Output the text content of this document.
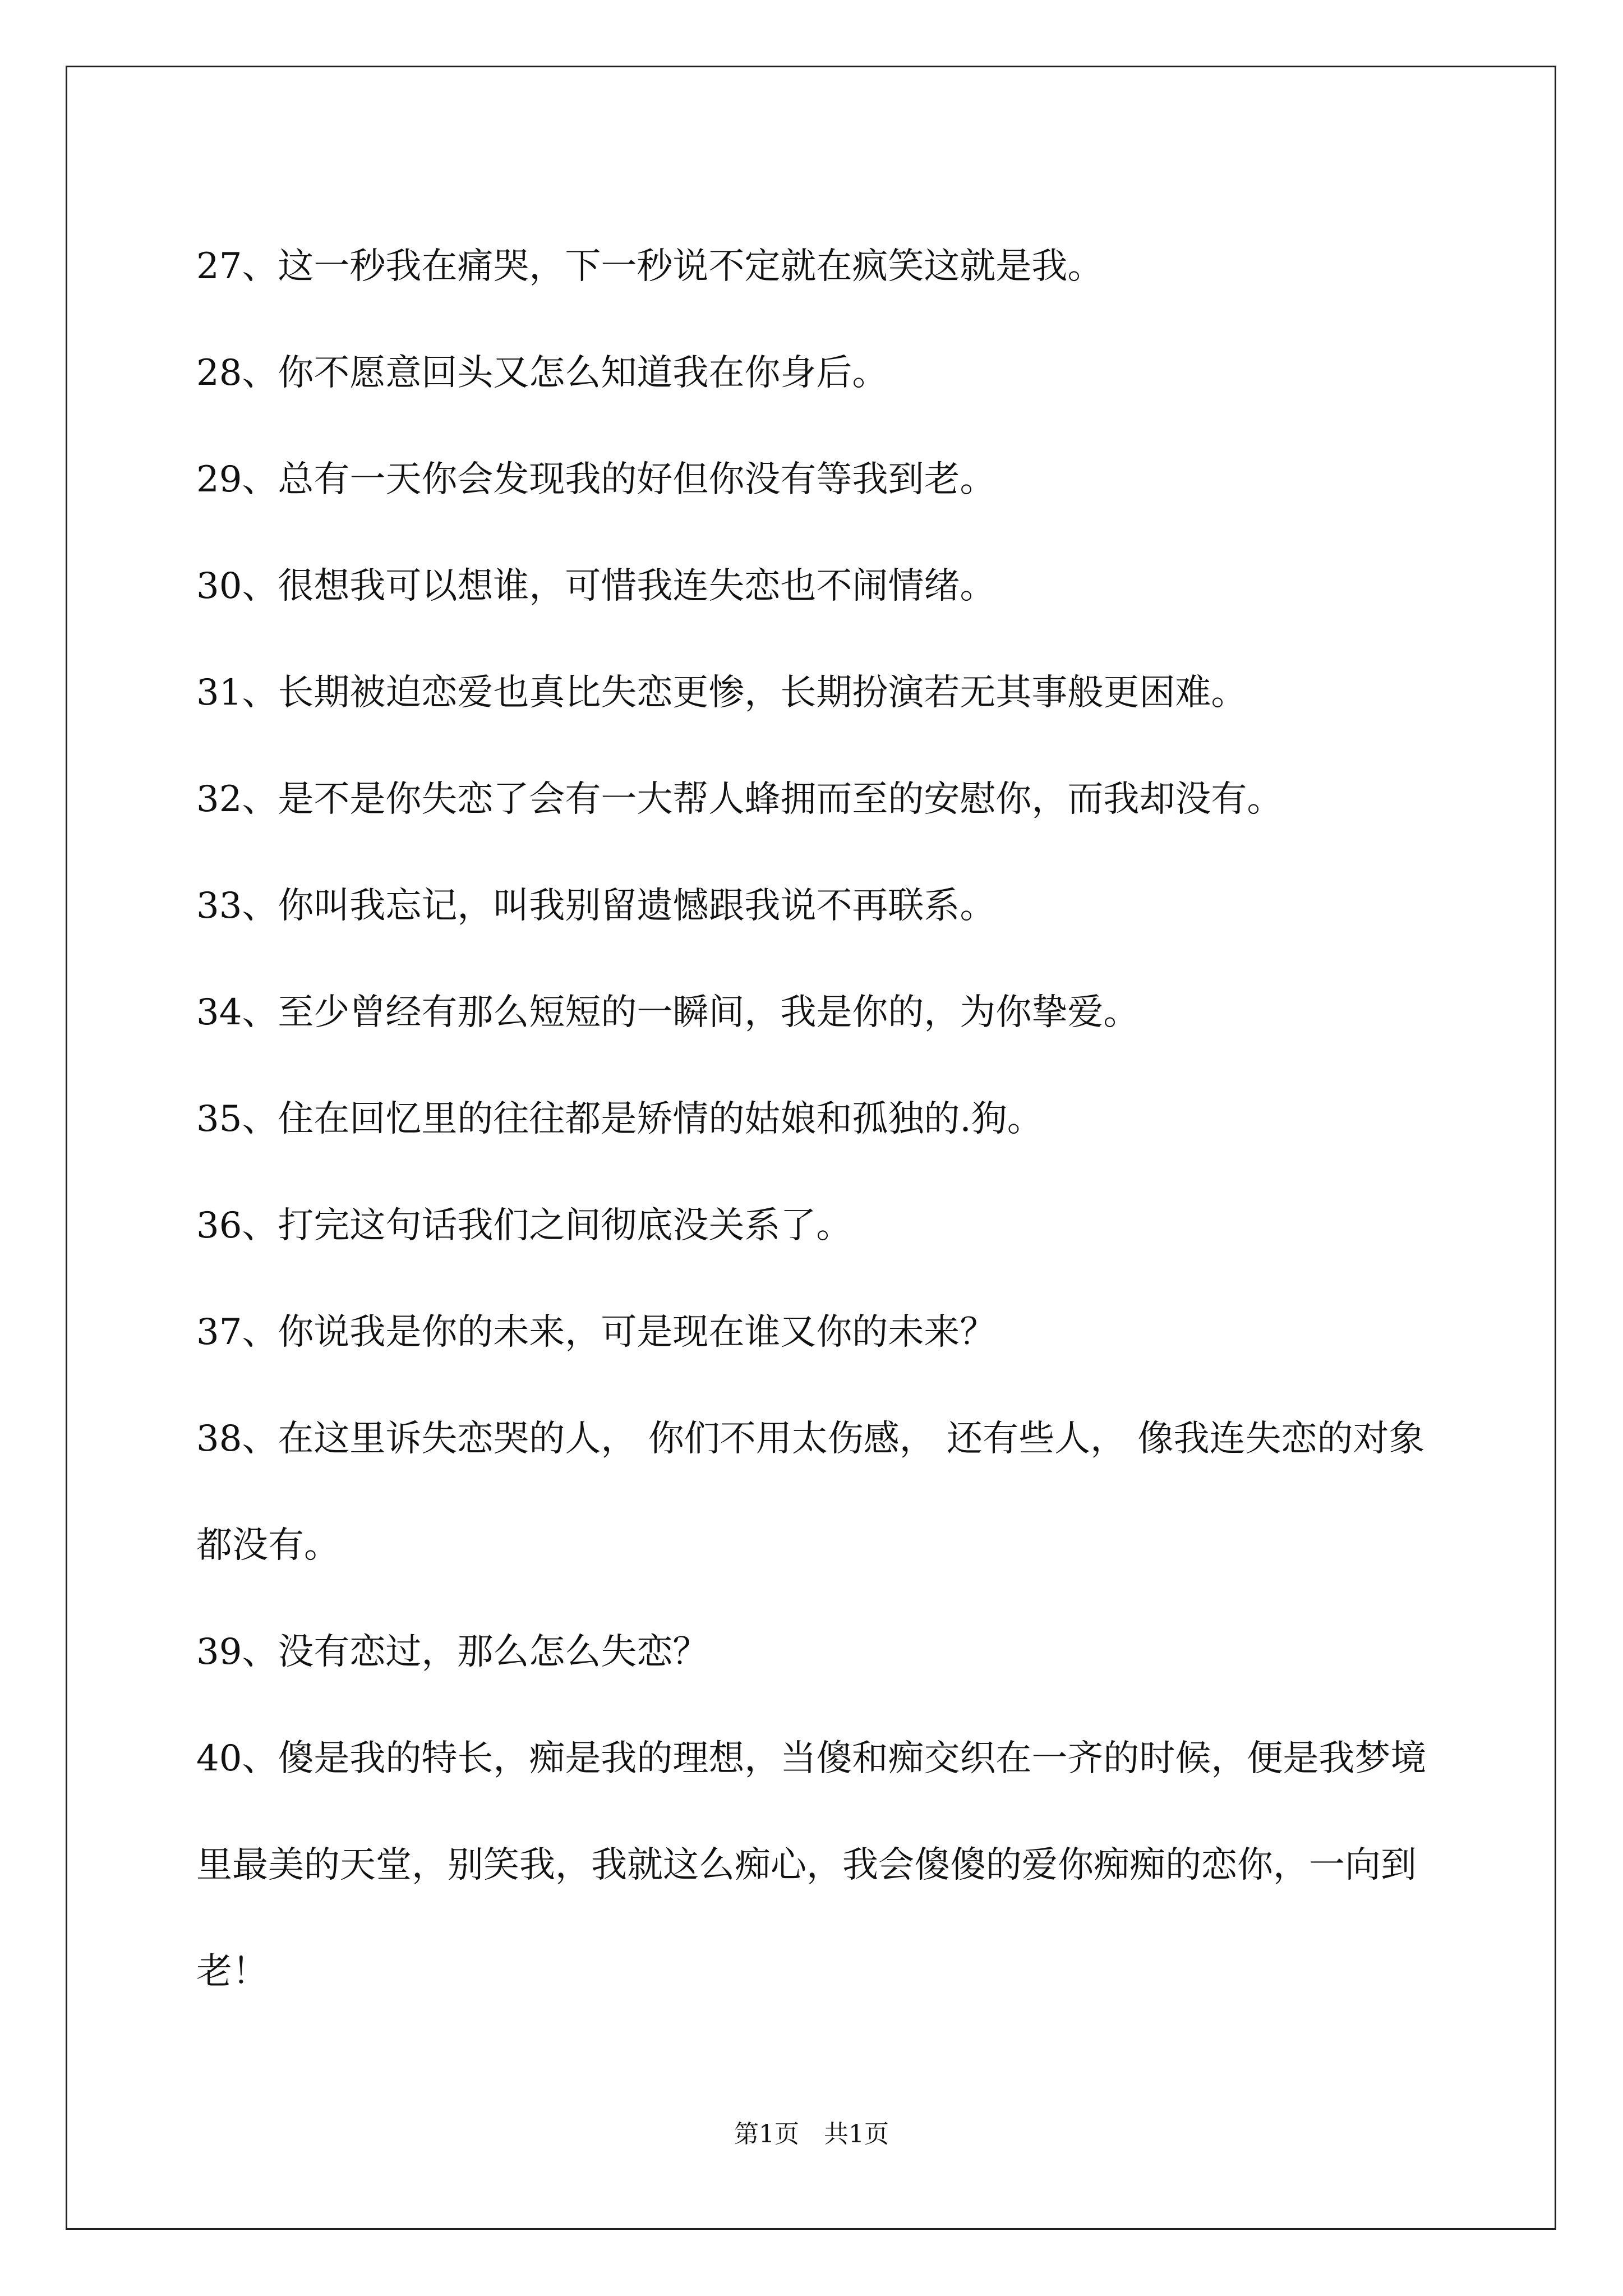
27、这一秒我在痛哭，下一秒说不定就在疯笑这就是我。

28、你不愿意回头又怎么知道我在你身后。

29、总有一天你会发现我的好但你没有等我到老。

30、很想我可以想谁，可惜我连失恋也不闹情绪。

31、长期被迫恋爱也真比失恋更惨，长期扮演若无其事般更困难。

32、是不是你失恋了会有一大帮人蜂拥而至的安慰你，而我却没有。

33、你叫我忘记，叫我别留遗憾跟我说不再联系。

34、至少曾经有那么短短的一瞬间，我是你的，为你挚爱。

35、住在回忆里的往往都是矫情的姑娘和孤独的.狗。

36、打完这句话我们之间彻底没关系了。

37、你说我是你的未来，可是现在谁又你的未来？

38、在这里诉失恋哭的人， 你们不用太伤感， 还有些人， 像我连失恋的对象都没有。

39、没有恋过，那么怎么失恋？

40、傻是我的特长，痴是我的理想，当傻和痴交织在一齐的时候，便是我梦境里最美的天堂，别笑我，我就这么痴心，我会傻傻的爱你痴痴的恋你，一向到老！

第1页　共1页
